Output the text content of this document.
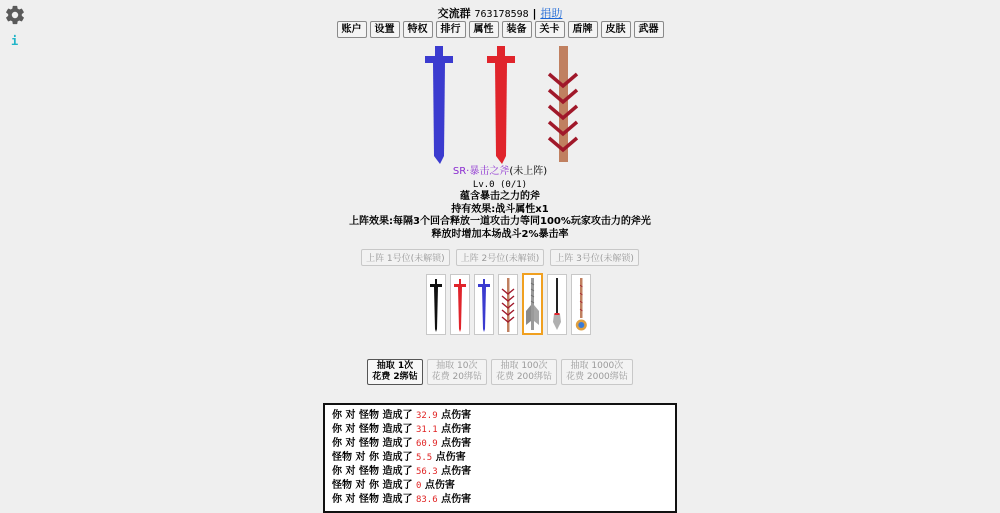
i
交流群 763178598 | 捐助
账户	设置	特权	排行	属性	装备	关卡	盾牌	皮肤	武器
SR·暴击之斧(未上阵)
Lv.0 (0/1)
蕴含暴击之力的斧
持有效果:战斗属性x1
上阵效果:每隔3个回合释放一道攻击力等同100%玩家攻击力的斧光
释放时增加本场战斗2%暴击率
上阵 1号位(未解锁)	上阵 2号位(未解锁)	上阵 3号位(未解锁)
抽取 1次
花费 2绑钻
抽取 10次
花费 20绑钻
抽取 100次
花费 200绑钻
抽取 1000次
花费 2000绑钻
你 对 怪物 造成了 32.9 点伤害
你 对 怪物 造成了 31.1 点伤害
你 对 怪物 造成了 60.9 点伤害
怪物 对 你 造成了 5.5 点伤害
你 对 怪物 造成了 56.3 点伤害
怪物 对 你 造成了 0 点伤害
你 对 怪物 造成了 83.6 点伤害
